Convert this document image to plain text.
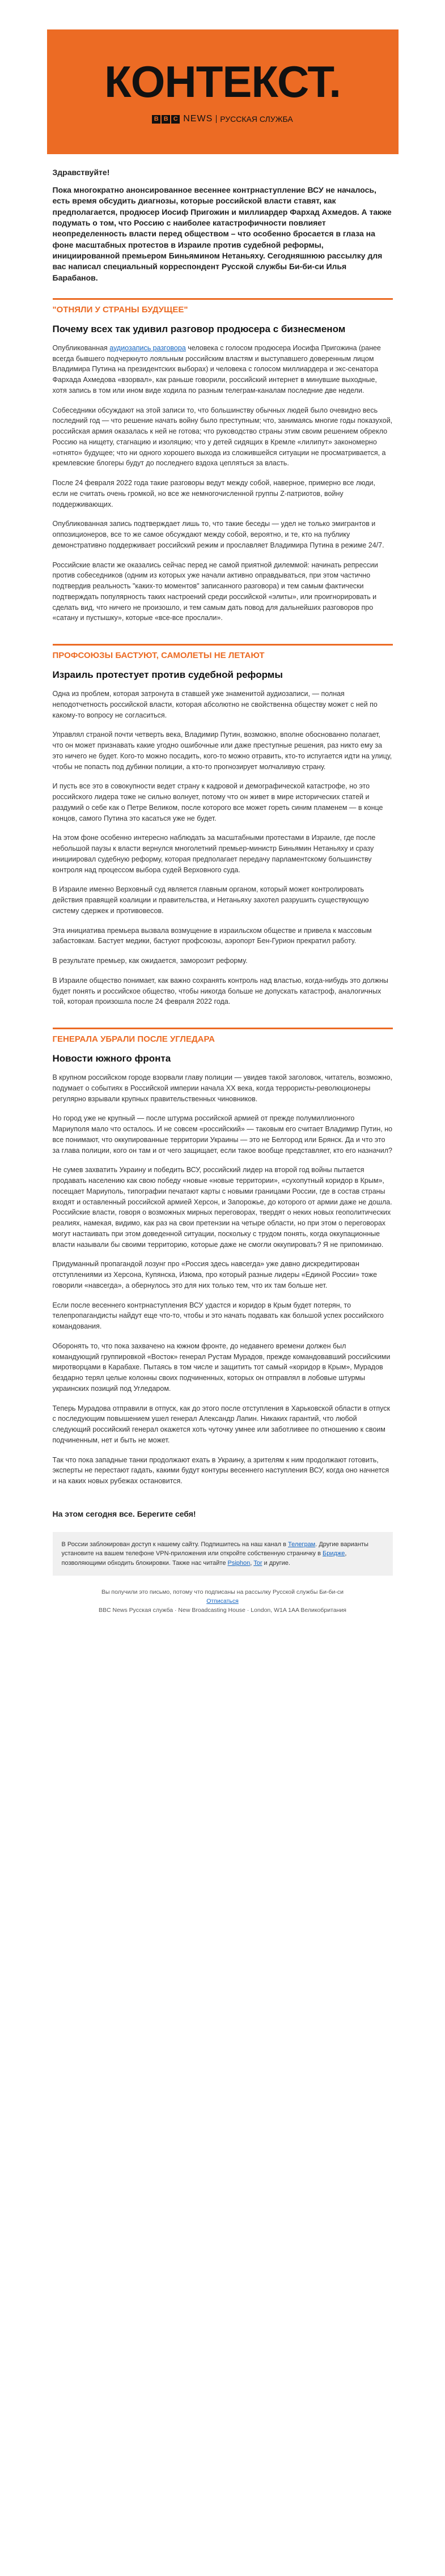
КОНТЕКСТ.
B B C NEWS РУССКАЯ СЛУЖБА

Здравствуйте!

Пока многократно анонсированное весеннее контрнаступление ВСУ не началось, есть время обсудить диагнозы, которые российской власти ставят, как предполагается, продюсер Иосиф Пригожин и миллиардер Фархад Ахмедов. А также подумать о том, что Россию с наиболее катастрофичности повлияет неопределенность власти перед обществом – что особенно бросается в глаза на фоне масштабных протестов в Израиле против судебной реформы, инициированной премьером Биньямином Нетаньяху. Сегодняшнюю рассылку для вас написал специальный корреспондент Русской службы Би-би-си Илья Барабанов.

"ОТНЯЛИ У СТРАНЫ БУДУЩЕЕ"
Почему всех так удивил разговор продюсера с бизнесменом

Опубликованная аудиозапись разговора человека с голосом продюсера Иосифа Пригожина (ранее всегда бывшего подчеркнуто лояльным российским властям и выступавшего доверенным лицом Владимира Путина на президентских выборах) и человека с голосом миллиардера и экс-сенатора Фархада Ахмедова «взорвал», как раньше говорили, российский интернет в минувшие выходные, хотя запись в том или ином виде ходила по разным телеграм-каналам последние две недели.

Собеседники обсуждают на этой записи то, что большинству обычных людей было очевидно весь последний год — что решение начать войну было преступным; что, занимаясь многие годы показухой, российская армия оказалась к ней не готова; что руководство страны этим своим решением обрекло Россию на нищету, стагнацию и изоляцию; что у детей сидящих в Кремле «лилипут» закономерно «отнято» будущее; что ни одного хорошего выхода из сложившейся ситуации не просматривается, а кремлевские блогеры будут до последнего вздоха цепляться за власть.

После 24 февраля 2022 года такие разговоры ведут между собой, наверное, примерно все люди, если не считать очень громкой, но все же немногочисленной группы Z-патриотов, войну поддерживающих.

Опубликованная запись подтверждает лишь то, что такие беседы — удел не только эмигрантов и оппозиционеров, все то же самое обсуждают между собой, вероятно, и те, кто на публику демонстративно поддерживает российский режим и прославляет Владимира Путина в режиме 24/7.

Российские власти же оказались сейчас перед не самой приятной дилеммой: начинать репрессии против собеседников (одним из которых уже начали активно оправдываться, при этом частично подтвердив реальность "каких-то моментов" записанного разговора) и тем самым фактически подтверждать популярность таких настроений среди российской «элиты», или проигнорировать и сделать вид, что ничего не произошло, и тем самым дать повод для дальнейших разговоров про «сатану и пустышку», которые «все-все прослали».

ПРОФСОЮЗЫ БАСТУЮТ, САМОЛЕТЫ НЕ ЛЕТАЮТ
Израиль протестует против судебной реформы

Одна из проблем, которая затронута в ставшей уже знаменитой аудиозаписи, — полная неподотчетность российской власти, которая абсолютно не свойственна обществу может с ней по какому-то вопросу не согласиться.

Управлял страной почти четверть века, Владимир Путин, возможно, вполне обоснованно полагает, что он может признавать какие угодно ошибочные или даже преступные решения, раз никто ему за это ничего не будет. Кого-то можно посадить, кого-то можно отравить, кто-то испугается идти на улицу, чтобы не попасть под дубинки полиции, а кто-то прогнозирует молчаливую страну.

И пусть все это в совокупности ведет страну к кадровой и демографической катастрофе, но это российского лидера тоже не сильно волнует, потому что он живет в мире исторических статей и раздумий о себе как о Петре Великом, после которого все может гореть синим пламенем — в конце концов, самого Путина это касаться уже не будет.

На этом фоне особенно интересно наблюдать за масштабными протестами в Израиле, где после небольшой паузы к власти вернулся многолетний премьер-министр Биньямин Нетаньяху и сразу инициировал судебную реформу, которая предполагает передачу парламентскому большинству контроля над процессом выбора судей Верховного суда.

В Израиле именно Верховный суд является главным органом, который может контролировать действия правящей коалиции и правительства, и Нетаньяху захотел разрушить существующую систему сдержек и противовесов.

Эта инициатива премьера вызвала возмущение в израильском обществе и привела к массовым забастовкам. Бастует медики, бастуют профсоюзы, аэропорт Бен-Гурион прекратил работу.

В результате премьер, как ожидается, заморозит реформу.

В Израиле общество понимает, как важно сохранять контроль над властью, когда-нибудь это должны будет понять и российское общество, чтобы никогда больше не допускать катастроф, аналогичных той, которая произошла после 24 февраля 2022 года.

ГЕНЕРАЛА УБРАЛИ ПОСЛЕ УГЛЕДАРА
Новости южного фронта

В крупном российском городе взорвали главу полиции — увидев такой заголовок, читатель, возможно, подумает о событиях в Российской империи начала XX века, когда террористы-революционеры регулярно взрывали крупных правительственных чиновников.

Но город уже не крупный — после штурма российской армией от прежде полумиллионного Мариуполя мало что осталось. И не совсем «российский» — таковым его считает Владимир Путин, но все понимают, что оккупированные территории Украины — это не Белгород или Брянск. Да и что это за глава полиции, кого он там и от чего защищает, если такое вообще представляет, кто его назначил?

Не сумев захватить Украину и победить ВСУ, российский лидер на второй год войны пытается продавать населению как свою победу «новые «новые территории», «сухопутный коридор в Крым», посещает Мариуполь, типографии печатают карты с новыми границами России, где в состав страны входят и оставленный российской армией Херсон, и Запорожье, до которого от армии даже не дошла. Российские власти, говоря о возможных мирных переговорах, твердят о неких новых геополитических реалиях, намекая, видимо, как раз на свои претензии на четыре области, но при этом о переговорах могут настаивать при этом доведенной ситуации, поскольку с трудом понять, когда оккупационные власти называли бы своими территорию, которые даже не смогли оккупировать? Я не припоминаю.

Придуманный пропагандой лозунг про «Россия здесь навсегда» уже давно дискредитирован отступлениями из Херсона, Купянска, Изюма, про который разные лидеры «Единой России» тоже говорили «навсегда», а обернулось это для них только тем, что их там больше нет.

Если после весеннего контрнаступления ВСУ удастся и коридор в Крым будет потерян, то телепропагандисты найдут еще что-то, чтобы и это начать подавать как большой успех российского командования.

Оборонять то, что пока захвачено на южном фронте, до недавнего времени должен был командующий группировкой «Восток» генерал Рустам Мурадов, прежде командовавший российскими миротворцами в Карабахе. Пытаясь в том числе и защитить тот самый «коридор в Крым», Мурадов бездарно терял целые колонны своих подчиненных, которых он отправлял в лобовые штурмы украинских позиций под Угледаром.

Теперь Мурадова отправили в отпуск, как до этого после отступления в Харьковской области в отпуск с последующим повышением ушел генерал Александр Лапин. Никаких гарантий, что любой следующий российский генерал окажется хоть чуточку умнее или заботливее по отношению к своим подчиненным, нет и быть не может.

Так что пока западные танки продолжают ехать в Украину, а зрителям к ним продолжают готовить, эксперты не перестают гадать, какими будут контуры весеннего наступления ВСУ, когда оно начнется и на каких новых рубежах остановится.

На этом сегодня все. Берегите себя!

В России заблокирован доступ к нашему сайту. Подпишитесь на наш канал в Телеграм. Другие варианты установите на вашем телефоне VPN-приложения или откройте собственную страничку в Бридже, позволяющими обходить блокировки. Также нас читайте Psiphon, Tor и другие.
Вы получили это письмо, потому что подписаны на рассылку Русской службы Би-би-си
Отписаться
BBC News Русская служба · New Broadcasting House · London, W1A 1AA Великобритания
